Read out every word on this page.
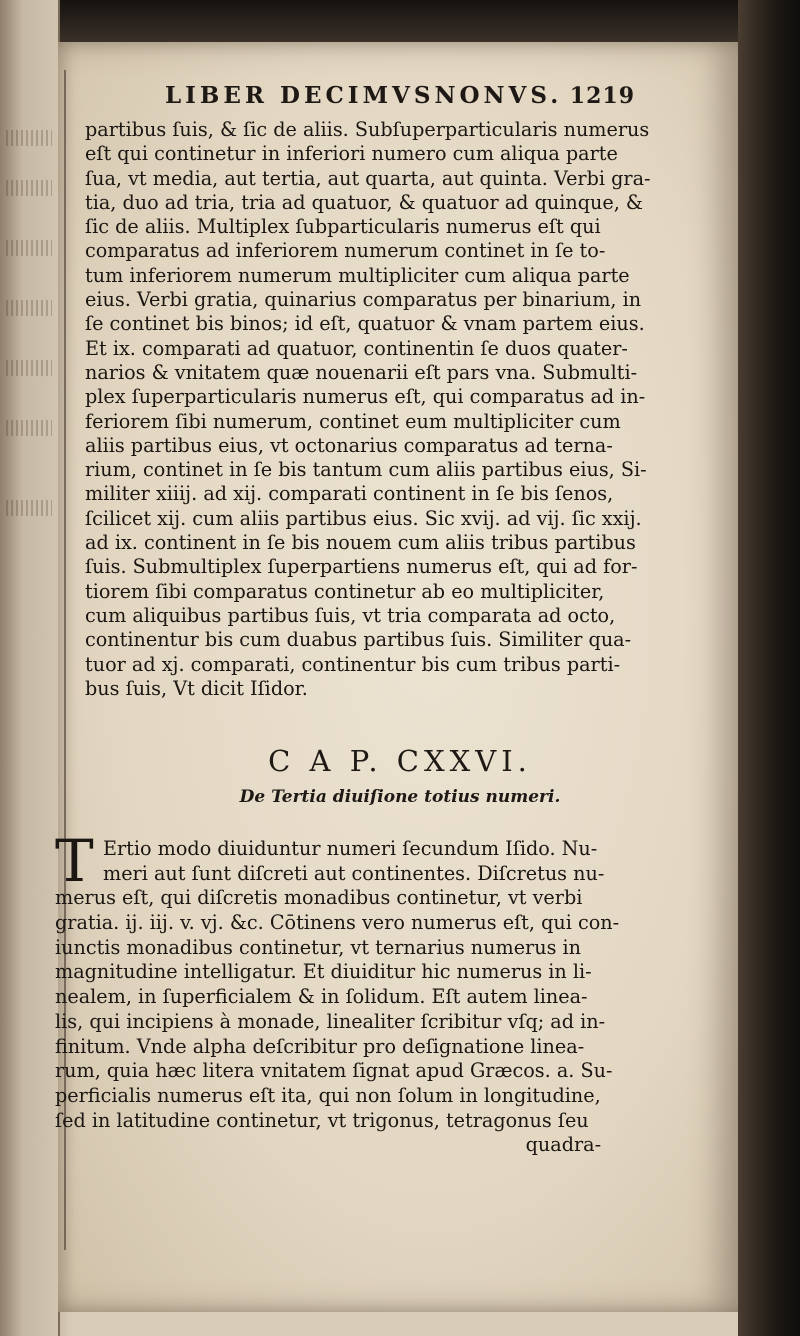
LIBER DECIMVSNONVS. 1219
partibus ſuis, & ſic de aliis. Subſuperparticularis numerus
eſt qui continetur in inferiori numero cum aliqua parte
ſua, vt media, aut tertia, aut quarta, aut quinta. Verbi gra-
tia, duo ad tria, tria ad quatuor, & quatuor ad quinque, &
ſic de aliis. Multiplex ſubparticularis numerus eſt qui
comparatus ad inferiorem numerum continet in ſe to-
tum inferiorem numerum multipliciter cum aliqua parte
eius. Verbi gratia, quinarius comparatus per binarium, in
ſe continet bis binos; id eſt, quatuor & vnam partem eius.
Et ix. comparati ad quatuor, continentin ſe duos quater-
narios & vnitatem quæ nouenarii eſt pars vna. Submulti-
plex ſuperparticularis numerus eſt, qui comparatus ad in-
feriorem ſibi numerum, continet eum multipliciter cum
aliis partibus eius, vt octonarius comparatus ad terna-
rium, continet in ſe bis tantum cum aliis partibus eius, Si-
militer xiiij. ad xij. comparati continent in ſe bis ſenos,
ſcilicet xij. cum aliis partibus eius. Sic xvij. ad vij. ſic xxij.
ad ix. continent in ſe bis nouem cum aliis tribus partibus
ſuis. Submultiplex ſuperpartiens numerus eſt, qui ad for-
tiorem ſibi comparatus continetur ab eo multipliciter,
cum aliquibus partibus ſuis, vt tria comparata ad octo,
continentur bis cum duabus partibus ſuis. Similiter qua-
tuor ad xj. comparati, continentur bis cum tribus parti-
bus ſuis, Vt dicit Iſidor.
C A P. CXXVI.
De Tertia diuiſione totius numeri.
T Ertio modo diuiduntur numeri ſecundum Iſido. Nu-
meri aut ſunt diſcreti aut continentes. Diſcretus nu-
merus eſt, qui diſcretis monadibus continetur, vt verbi
gratia. ij. iij. v. vj. &c. Cōtinens vero numerus eſt, qui con-
iunctis monadibus continetur, vt ternarius numerus in
magnitudine intelligatur. Et diuiditur hic numerus in li-
nealem, in ſuperficialem & in ſolidum. Eſt autem linea-
lis, qui incipiens à monade, linealiter ſcribitur vſq; ad in-
finitum. Vnde alpha deſcribitur pro deſignatione linea-
rum, quia hæc litera vnitatem ſignat apud Græcos. a. Su-
perficialis numerus eſt ita, qui non ſolum in longitudine,
ſed in latitudine continetur, vt trigonus, tetragonus ſeu
quadra-
